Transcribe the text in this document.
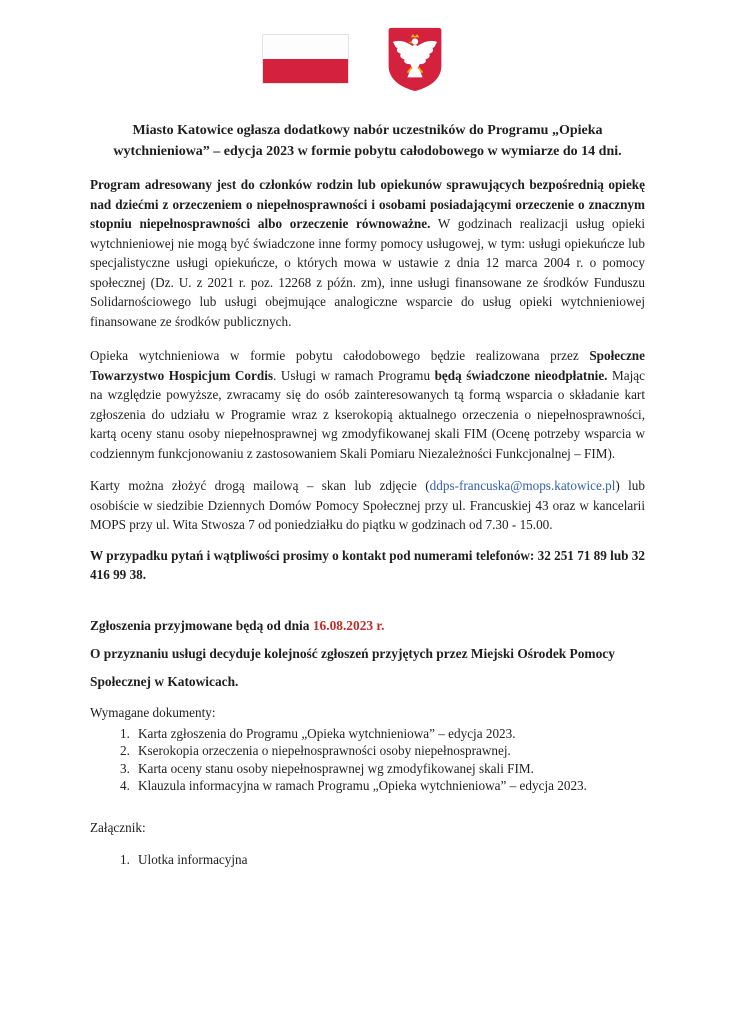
Miasto Katowice ogłasza dodatkowy nabór uczestników do Programu „Opieka wytchnieniowa” – edycja 2023 w formie pobytu całodobowego w wymiarze do 14 dni.

Program adresowany jest do członków rodzin lub opiekunów sprawujących bezpośrednią opiekę nad dziećmi z orzeczeniem o niepełnosprawności i osobami posiadającymi orzeczenie o znacznym stopniu niepełnosprawności albo orzeczenie równoważne. W godzinach realizacji usług opieki wytchnieniowej nie mogą być świadczone inne formy pomocy usługowej, w tym: usługi opiekuńcze lub specjalistyczne usługi opiekuńcze, o których mowa w ustawie z dnia 12 marca 2004 r. o pomocy społecznej (Dz. U. z 2021 r. poz. 12268 z późn. zm), inne usługi finansowane ze środków Funduszu Solidarnościowego lub usługi obejmujące analogiczne wsparcie do usług opieki wytchnieniowej finansowane ze środków publicznych.

Opieka wytchnieniowa w formie pobytu całodobowego będzie realizowana przez Społeczne Towarzystwo Hospicjum Cordis. Usługi w ramach Programu będą świadczone nieodpłatnie. Mając na względzie powyższe, zwracamy się do osób zainteresowanych tą formą wsparcia o składanie kart zgłoszenia do udziału w Programie wraz z kserokopią aktualnego orzeczenia o niepełnosprawności, kartą oceny stanu osoby niepełnosprawnej wg zmodyfikowanej skali FIM (Ocenę potrzeby wsparcia w codziennym funkcjonowaniu z zastosowaniem Skali Pomiaru Niezależności Funkcjonalnej – FIM).

Karty można złożyć drogą mailową – skan lub zdjęcie (ddps-francuska@mops.katowice.pl) lub osobiście w siedzibie Dziennych Domów Pomocy Społecznej przy ul. Francuskiej 43 oraz w kancelarii MOPS przy ul. Wita Stwosza 7 od poniedziałku do piątku w godzinach od 7.30 - 15.00.

W przypadku pytań i wątpliwości prosimy o kontakt pod numerami telefonów: 32 251 71 89 lub 32 416 99 38.

Zgłoszenia przyjmowane będą od dnia 16.08.2023 r.
O przyznaniu usługi decyduje kolejność zgłoszeń przyjętych przez Miejski Ośrodek Pomocy Społecznej w Katowicach.
Wymagane dokumenty:
1. Karta zgłoszenia do Programu „Opieka wytchnieniowa” – edycja 2023.
2. Kserokopia orzeczenia o niepełnosprawności osoby niepełnosprawnej.
3. Karta oceny stanu osoby niepełnosprawnej wg zmodyfikowanej skali FIM.
4. Klauzula informacyjna w ramach Programu „Opieka wytchnieniowa” – edycja 2023.
Załącznik:
1. Ulotka informacyjna
